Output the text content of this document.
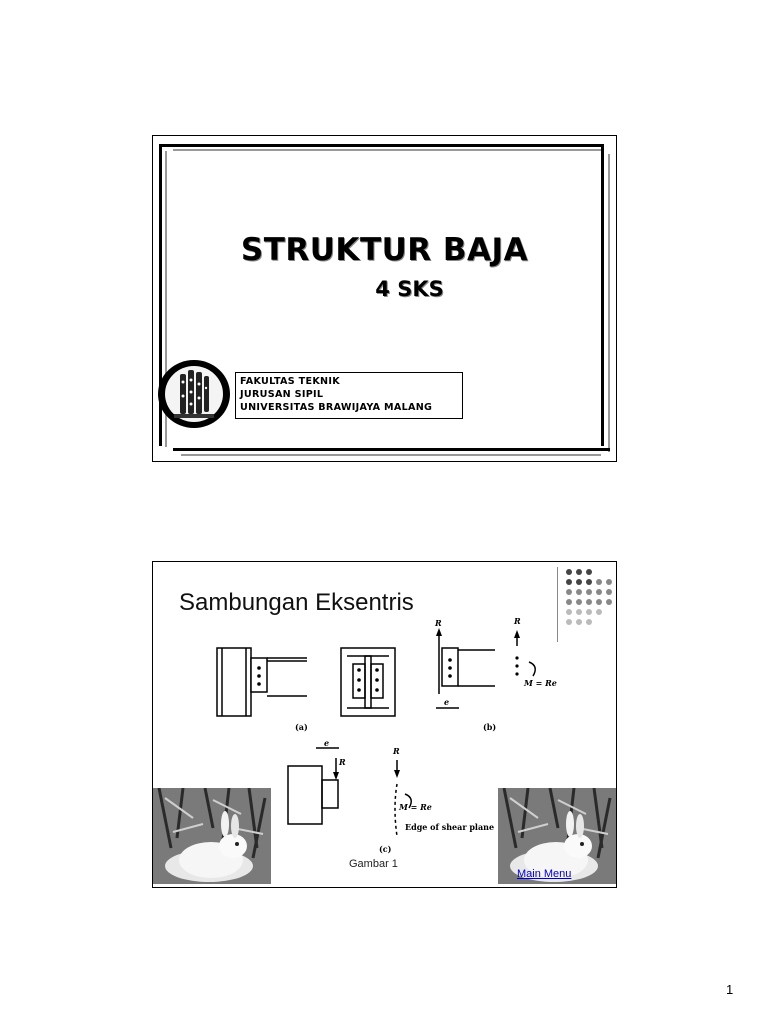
STRUKTUR BAJA
4 SKS
FAKULTAS TEKNIK
JURUSAN SIPIL
UNIVERSITAS BRAWIJAYA MALANG
Sambungan Eksentris
R	R
M = Re
e
e
R
R
M = Re
Edge of shear plane
(a)	(b)
(c)
Gambar 1
Main Menu
1
